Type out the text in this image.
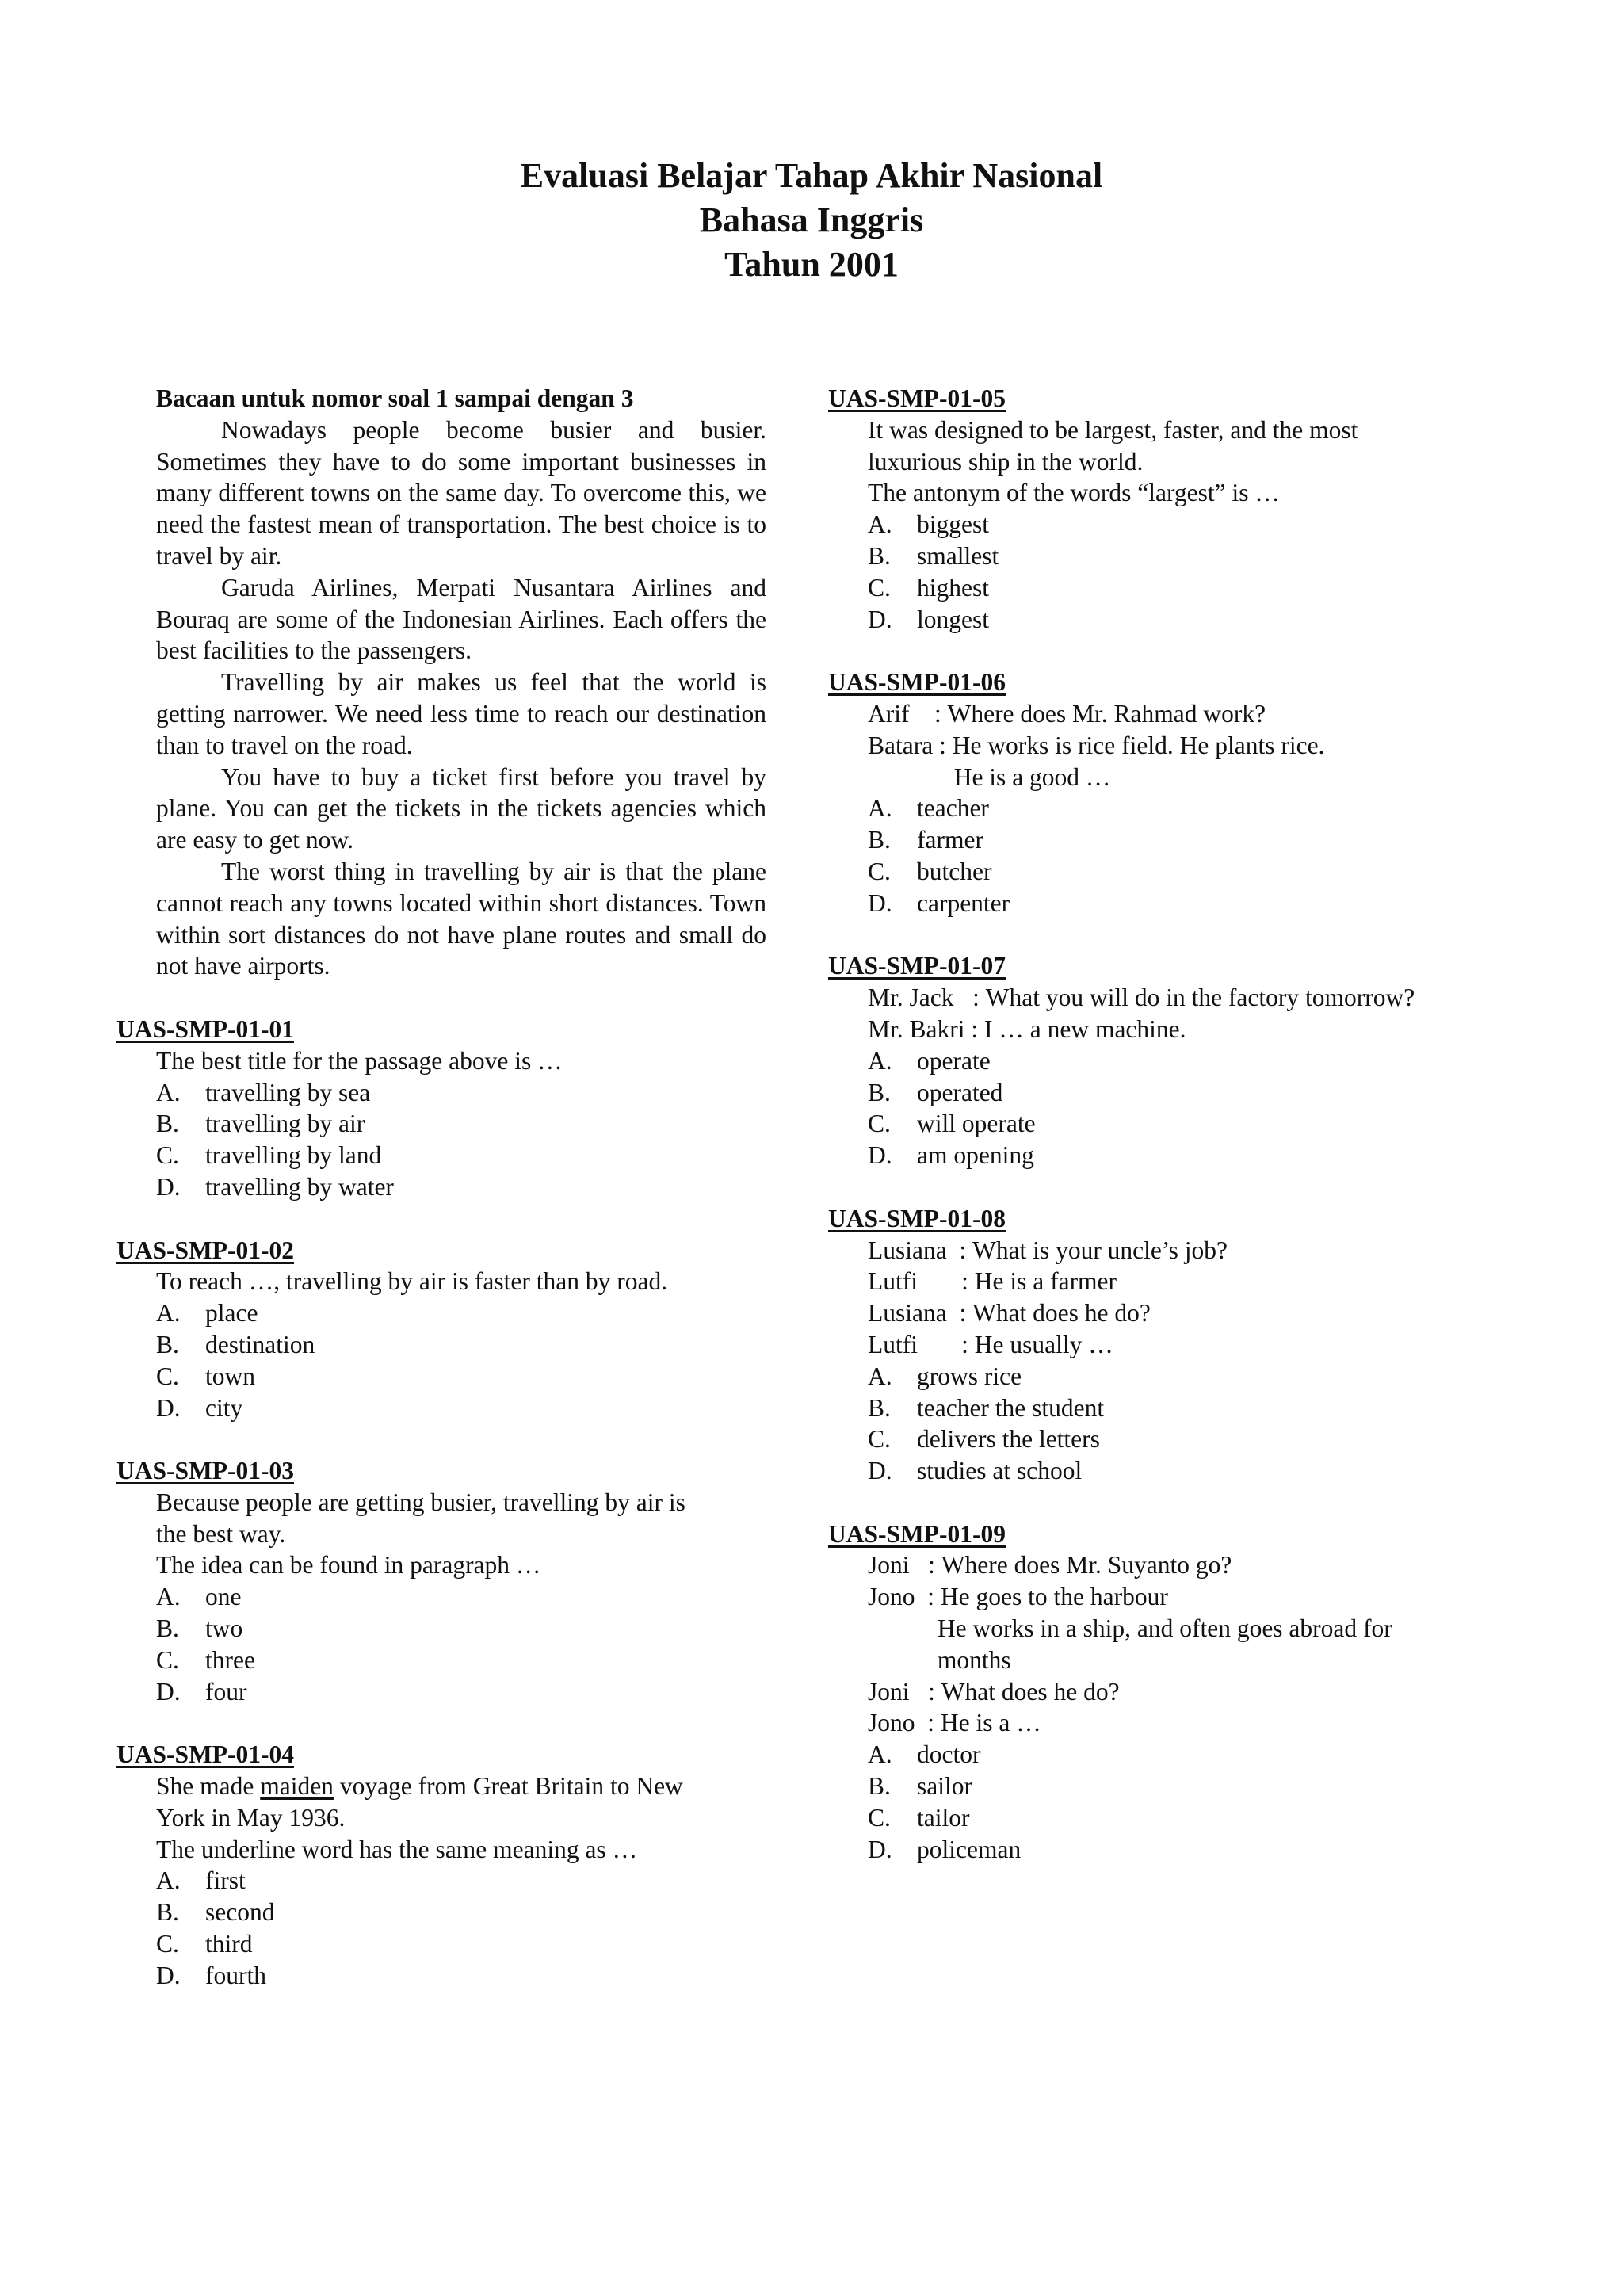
Evaluasi Belajar Tahap Akhir Nasional
Bahasa Inggris
Tahun 2001
Bacaan untuk nomor soal 1 sampai dengan 3

Nowadays people become busier and busier. Sometimes they have to do some important businesses in many different towns on the same day. To overcome this, we need the fastest mean of transportation. The best choice is to travel by air.

Garuda Airlines, Merpati Nusantara Airlines and Bouraq are some of the Indonesian Airlines. Each offers the best facilities to the passengers.

Travelling by air makes us feel that the world is getting narrower. We need less time to reach our destination than to travel on the road.

You have to buy a ticket first before you travel by plane. You can get the tickets in the tickets agencies which are easy to get now.

The worst thing in travelling by air is that the plane cannot reach any towns located within short distances. Town within sort distances do not have plane routes and small do not have airports.

UAS-SMP-01-01
The best title for the passage above is …
A. travelling by sea
B.	travelling by air
C.	travelling by land
D. travelling by water
UAS-SMP-01-02
To reach …, travelling by air is faster than by road.
A. place
B.	destination
C.	town
D. city
UAS-SMP-01-03
Because people are getting busier, travelling by air is
the best way.
The idea can be found in paragraph …
A. one
B.	two
C.	three
D. four
UAS-SMP-01-04
She made maiden voyage from Great Britain to New
York in May 1936.
The underline word has the same meaning as …
A. first
B.	second
C.	third
D. fourth
UAS-SMP-01-05
It was designed to be largest, faster, and the most
luxurious ship in the world.
The antonym of the words “largest” is …
A. biggest
B.	smallest
C.	highest
D. longest
UAS-SMP-01-06
Arif    : Where does Mr. Rahmad work?
Batara : He works is rice field. He plants rice.
He is a good …
A. teacher
B.	farmer
C.	butcher
D. carpenter
UAS-SMP-01-07
Mr. Jack   : What you will do in the factory tomorrow?
Mr. Bakri : I … a new machine.
A. operate
B.	operated
C.	will operate
D. am opening
UAS-SMP-01-08
Lusiana  : What is your uncle’s job?
Lutfi       : He is a farmer
Lusiana  : What does he do?
Lutfi       : He usually …
A. grows rice
B.	teacher the student
C.	delivers the letters
D. studies at school
UAS-SMP-01-09
Joni   : Where does Mr. Suyanto go?
Jono  : He goes to the harbour
He works in a ship, and often goes abroad for
months
Joni   : What does he do?
Jono  : He is a …
A. doctor
B.	sailor
C.	tailor
D. policeman
